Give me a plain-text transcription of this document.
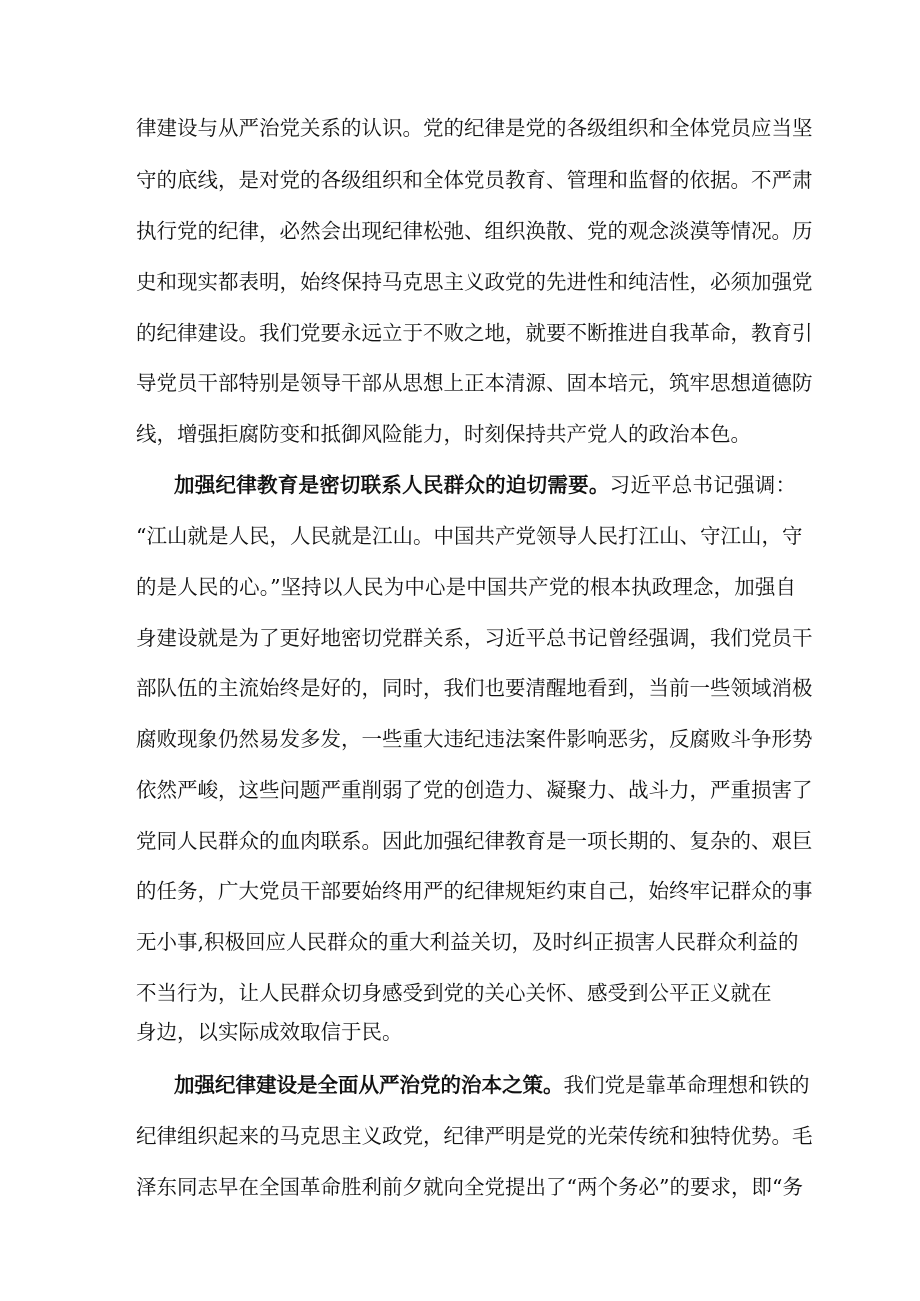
律建设与从严治党关系的认识。党的纪律是党的各级组织和全体党员应当坚
守的底线，是对党的各级组织和全体党员教育、管理和监督的依据。不严肃
执行党的纪律，必然会出现纪律松弛、组织涣散、党的观念淡漠等情况。历
史和现实都表明，始终保持马克思主义政党的先进性和纯洁性，必须加强党
的纪律建设。我们党要永远立于不败之地，就要不断推进自我革命，教育引
导党员干部特别是领导干部从思想上正本清源、固本培元，筑牢思想道德防
线，增强拒腐防变和抵御风险能力，时刻保持共产党人的政治本色。
加强纪律教育是密切联系人民群众的迫切需要。习近平总书记强调：
“江山就是人民，人民就是江山。中国共产党领导人民打江山、守江山，守
的是人民的心。”坚持以人民为中心是中国共产党的根本执政理念，加强自
身建设就是为了更好地密切党群关系，习近平总书记曾经强调，我们党员干
部队伍的主流始终是好的，同时，我们也要清醒地看到，当前一些领域消极
腐败现象仍然易发多发，一些重大违纪违法案件影响恶劣，反腐败斗争形势
依然严峻，这些问题严重削弱了党的创造力、凝聚力、战斗力，严重损害了
党同人民群众的血肉联系。因此加强纪律教育是一项长期的、复杂的、艰巨
的任务，广大党员干部要始终用严的纪律规矩约束自己，始终牢记群众的事
无小事,积极回应人民群众的重大利益关切，及时纠正损害人民群众利益的
不当行为，让人民群众切身感受到党的关心关怀、感受到公平正义就在
身边，以实际成效取信于民。
加强纪律建设是全面从严治党的治本之策。我们党是靠革命理想和铁的
纪律组织起来的马克思主义政党，纪律严明是党的光荣传统和独特优势。毛
泽东同志早在全国革命胜利前夕就向全党提出了“两个务必”的要求，即“务
